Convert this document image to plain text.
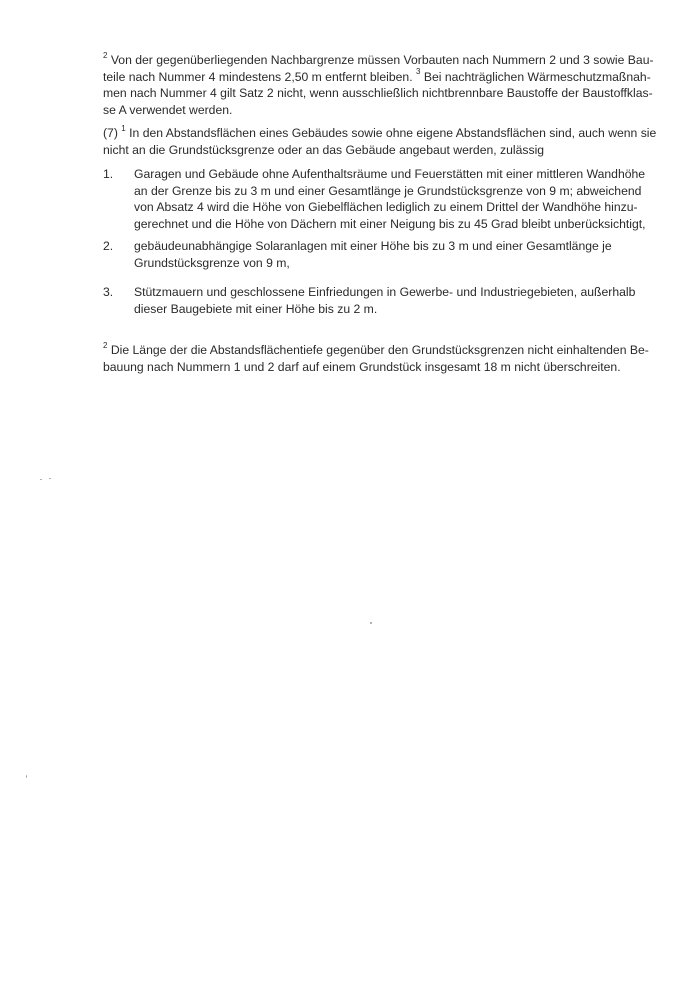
$^2$ Von der gegenüberliegenden Nachbargrenze müssen Vorbauten nach Nummern 2 und 3 sowie Bau-
teile nach Nummer 4 mindestens 2,50 m entfernt bleiben. $^3$ Bei nachträglichen Wärmeschutzmaßnah-
men nach Nummer 4 gilt Satz 2 nicht, wenn ausschließlich nichtbrennbare Baustoffe der Baustoffklas-
se A verwendet werden.
(7) $^1$ In den Abstandsflächen eines Gebäudes sowie ohne eigene Abstandsflächen sind, auch wenn sie
nicht an die Grundstücksgrenze oder an das Gebäude angebaut werden, zulässig
1. Garagen und Gebäude ohne Aufenthaltsräume und Feuerstätten mit einer mittleren Wandhöhe
an der Grenze bis zu 3 m und einer Gesamtlänge je Grundstücksgrenze von 9 m; abweichend
von Absatz 4 wird die Höhe von Giebelflächen lediglich zu einem Drittel der Wandhöhe hinzu-
gerechnet und die Höhe von Dächern mit einer Neigung bis zu 45 Grad bleibt unberücksichtigt,
2. gebäudeunabhängige Solaranlagen mit einer Höhe bis zu 3 m und einer Gesamtlänge je
Grundstücksgrenze von 9 m,
3. Stützmauern und geschlossene Einfriedungen in Gewerbe- und Industriegebieten, außerhalb
dieser Baugebiete mit einer Höhe bis zu 2 m.
$^2$ Die Länge der die Abstandsflächentiefe gegenüber den Grundstücksgrenzen nicht einhaltenden Be-
bauung nach Nummern 1 und 2 darf auf einem Grundstück insgesamt 18 m nicht überschreiten.
